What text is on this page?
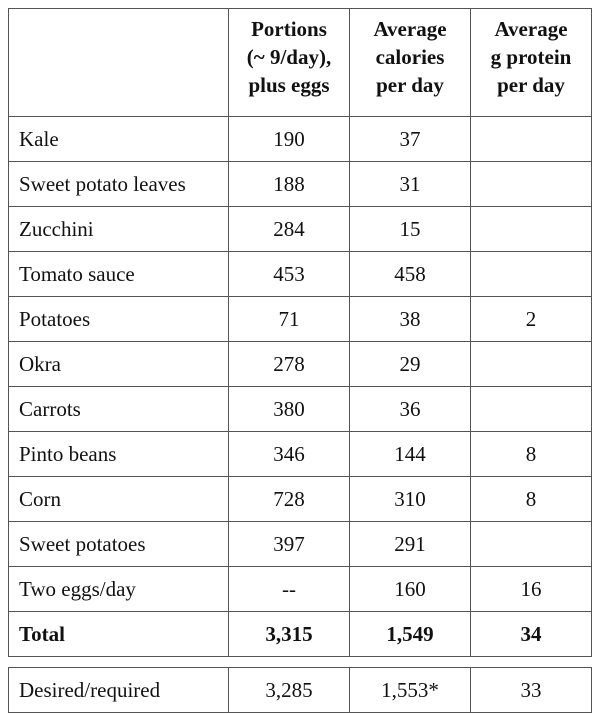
	Portions
(~ 9/day),
plus eggs	Average
calories
per day	Average
g protein
per day

Kale	190	37	
Sweet potato leaves	188	31	
Zucchini	284	15	
Tomato sauce	453	458	
Potatoes	71	38	2
Okra	278	29	
Carrots	380	36	
Pinto beans	346	144	8
Corn	728	310	8
Sweet potatoes	397	291	
Two eggs/day	--	160	16
Total	3,315	1,549	34

Desired/required	3,285	1,553*	33
